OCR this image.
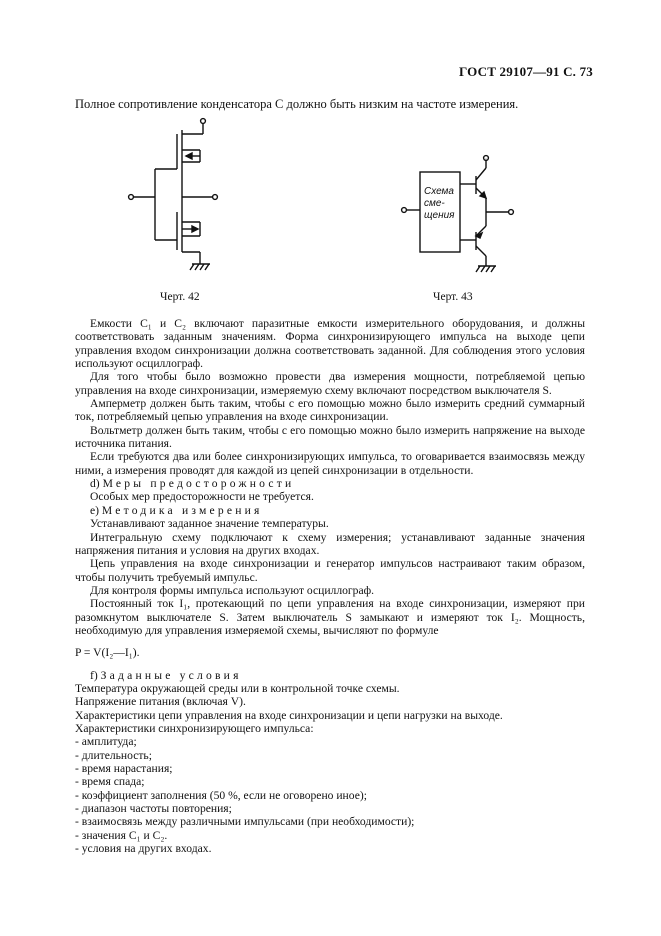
ГОСТ 29107—91 С. 73
Полное сопротивление конденсатора С должно быть низким на частоте измерения.
Черт. 42
Схема
сме-
щения
Черт. 43

Емкости C₁ и C₂ включают паразитные емкости измерительного оборудования, и должны соответствовать заданным значениям. Форма синхронизирующего импульса на выходе цепи управления входом синхронизации должна соответствовать заданной. Для соблюдения этого условия используют осциллограф.

Для того чтобы было возможно провести два измерения мощности, потребляемой цепью управления на входе синхронизации, измеряемую схему включают посредством выключателя S.

Амперметр должен быть таким, чтобы с его помощью можно было измерить средний суммарный ток, потребляемый цепью управления на входе синхронизации.

Вольтметр должен быть таким, чтобы с его помощью можно было измерить напряжение на выходе источника питания.

Если требуются два или более синхронизирующих импульса, то оговаривается взаимосвязь между ними, а измерения проводят для каждой из цепей синхронизации в отдельности.

d) Меры предосторожности

Особых мер предосторожности не требуется.

е) Методика измерения

Устанавливают заданное значение температуры.

Интегральную схему подключают к схему измерения; устанавливают заданные значения напряжения питания и условия на других входах.

Цепь управления на входе синхронизации и генератор импульсов настраивают таким образом, чтобы получить требуемый импульс.

Для контроля формы импульса используют осциллограф.

Постоянный ток I₁, протекающий по цепи управления на входе синхронизации, измеряют при разомкнутом выключателе S. Затем выключатель S замыкают и измеряют ток I₂. Мощность, необходимую для управления измеряемой схемы, вычисляют по формуле

P = V(I₂—I₁).

f) Заданные условия

Температура окружающей среды или в контрольной точке схемы.

Напряжение питания (включая V).

Характеристики цепи управления на входе синхронизации и цепи нагрузки на выходе.

Характеристики синхронизирующего импульса:

- амплитуда;

- длительность;

- время нарастания;

- время спада;

- коэффициент заполнения (50 %, если не оговорено иное);

- диапазон частоты повторения;

- взаимосвязь между различными импульсами (при необходимости);

- значения C₁ и C₂.

- условия на других входах.
